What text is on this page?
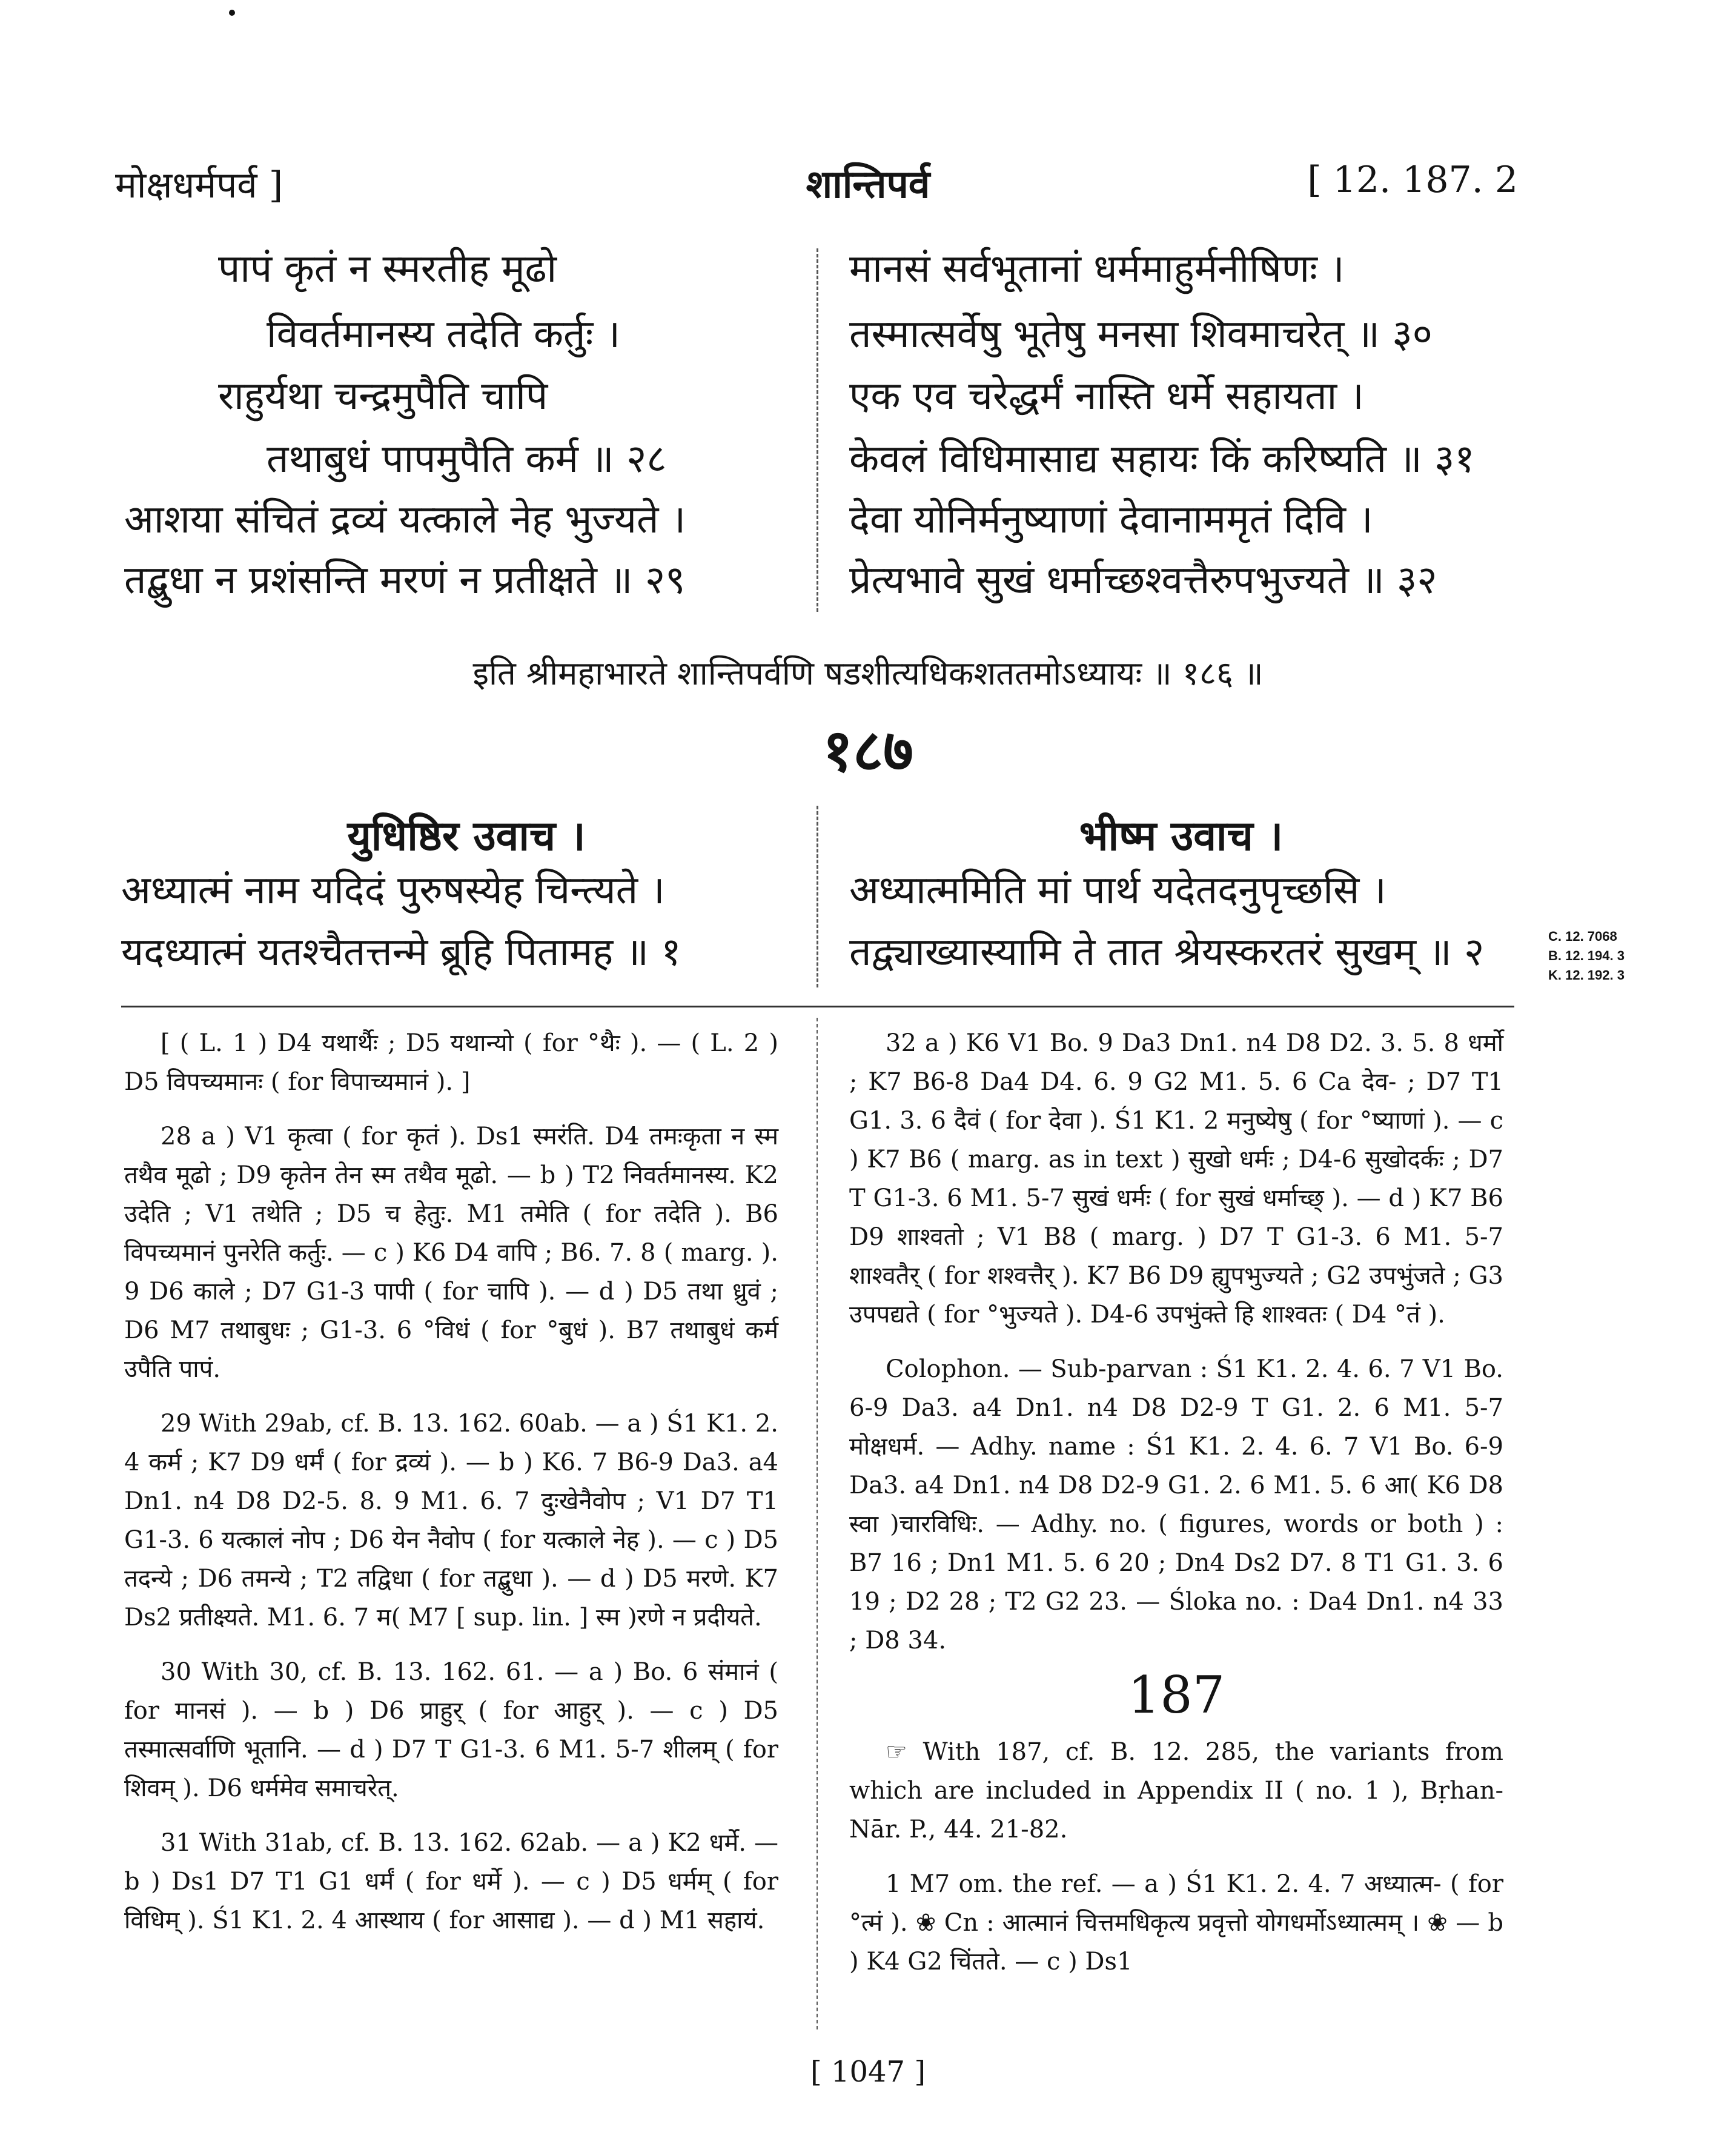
मोक्षधर्मपर्व ]	शान्तिपर्व	[ 12. 187. 2
पापं कृतं न स्मरतीह मूढो
विवर्तमानस्य तदेति कर्तुः ।
राहुर्यथा चन्द्रमुपैति चापि
तथाबुधं पापमुपैति कर्म ॥ २८
आशया संचितं द्रव्यं यत्काले नेह भुज्यते ।
तद्बुधा न प्रशंसन्ति मरणं न प्रतीक्षते ॥ २९
मानसं सर्वभूतानां धर्ममाहुर्मनीषिणः ।
तस्मात्सर्वेषु भूतेषु मनसा शिवमाचरेत् ॥ ३०
एक एव चरेद्धर्मं नास्ति धर्मे सहायता ।
केवलं विधिमासाद्य सहायः किं करिष्यति ॥ ३१
देवा योनिर्मनुष्याणां देवानाममृतं दिवि ।
प्रेत्यभावे सुखं धर्माच्छश्वत्तैरुपभुज्यते ॥ ३२
इति श्रीमहाभारते शान्तिपर्वणि षडशीत्यधिकशततमोऽध्यायः ॥ १८६ ॥
१८७
युधिष्ठिर उवाच ।
अध्यात्मं नाम यदिदं पुरुषस्येह चिन्त्यते ।
यदध्यात्मं यतश्चैतत्तन्मे ब्रूहि पितामह ॥ १
भीष्म उवाच ।
अध्यात्ममिति मां पार्थ यदेतदनुपृच्छसि ।
तद्व्याख्यास्यामि ते तात श्रेयस्करतरं सुखम् ॥ २	C. 12. 7068
B. 12. 194. 3
K. 12. 192. 3

[ ( L. 1 ) D4 यथार्थैः ; D5 यथान्यो ( for °थैः ). — ( L. 2 ) D5 विपच्यमानः ( for विपाच्यमानं ). ]

28 a ) V1 कृत्वा ( for कृतं ). Ds1 स्मरंति. D4 तमःकृता न स्म तथैव मूढो ; D9 कृतेन तेन स्म तथैव मूढो. — b ) T2 निवर्तमानस्य. K2 उदेति ; V1 तथेति ; D5 च हेतुः. M1 तमेति ( for तदेति ). B6 विपच्यमानं पुनरेति कर्तुः. — c ) K6 D4 वापि ; B6. 7. 8 ( marg. ). 9 D6 काले ; D7 G1-3 पापी ( for चापि ). — d ) D5 तथा ध्रुवं ; D6 M7 तथाबुधः ; G1-3. 6 °विधं ( for °बुधं ). B7 तथाबुधं कर्म उपैति पापं.

29 With 29ab, cf. B. 13. 162. 60ab. — a ) Ś1 K1. 2. 4 कर्म ; K7 D9 धर्मं ( for द्रव्यं ). — b ) K6. 7 B6-9 Da3. a4 Dn1. n4 D8 D2-5. 8. 9 M1. 6. 7 दुःखेनैवोप ; V1 D7 T1 G1-3. 6 यत्कालं नोप ; D6 येन नैवोप ( for यत्काले नेह ). — c ) D5 तदन्ये ; D6 तमन्ये ; T2 तद्विधा ( for तद्बुधा ). — d ) D5 मरणे. K7 Ds2 प्रतीक्ष्यते. M1. 6. 7 म( M7 [ sup. lin. ] स्म )रणे न प्रदीयते.

30 With 30, cf. B. 13. 162. 61. — a ) Bo. 6 संमानं ( for मानसं ). — b ) D6 प्राहुर् ( for आहुर् ). — c ) D5 तस्मात्सर्वाणि भूतानि. — d ) D7 T G1-3. 6 M1. 5-7 शीलम् ( for शिवम् ). D6 धर्ममेव समाचरेत्.

31 With 31ab, cf. B. 13. 162. 62ab. — a ) K2 धर्मे. — b ) Ds1 D7 T1 G1 धर्मं ( for धर्मे ). — c ) D5 धर्मम् ( for विधिम् ). Ś1 K1. 2. 4 आस्थाय ( for आसाद्य ). — d ) M1 सहायं.

32 a ) K6 V1 Bo. 9 Da3 Dn1. n4 D8 D2. 3. 5. 8 धर्मो ; K7 B6-8 Da4 D4. 6. 9 G2 M1. 5. 6 Ca देव- ; D7 T1 G1. 3. 6 दैवं ( for देवा ). Ś1 K1. 2 मनुष्येषु ( for °ष्याणां ). — c ) K7 B6 ( marg. as in text ) सुखो धर्मः ; D4-6 सुखोदर्कः ; D7 T G1-3. 6 M1. 5-7 सुखं धर्मः ( for सुखं धर्माच्छ् ). — d ) K7 B6 D9 शाश्वतो ; V1 B8 ( marg. ) D7 T G1-3. 6 M1. 5-7 शाश्वतैर् ( for शश्वत्तैर् ). K7 B6 D9 ह्युपभुज्यते ; G2 उपभुंजते ; G3 उपपद्यते ( for °भुज्यते ). D4-6 उपभुंक्ते हि शाश्वतः ( D4 °तं ).

Colophon. — Sub-parvan : Ś1 K1. 2. 4. 6. 7 V1 Bo. 6-9 Da3. a4 Dn1. n4 D8 D2-9 T G1. 2. 6 M1. 5-7 मोक्षधर्म. — Adhy. name : Ś1 K1. 2. 4. 6. 7 V1 Bo. 6-9 Da3. a4 Dn1. n4 D8 D2-9 G1. 2. 6 M1. 5. 6 आ( K6 D8 स्वा )चारविधिः. — Adhy. no. ( figures, words or both ) : B7 16 ; Dn1 M1. 5. 6 20 ; Dn4 Ds2 D7. 8 T1 G1. 3. 6 19 ; D2 28 ; T2 G2 23. — Śloka no. : Da4 Dn1. n4 33 ; D8 34.

187

☞ With 187, cf. B. 12. 285, the variants from which are included in Appendix II ( no. 1 ), Bṛhan-Nār. P., 44. 21-82.

1 M7 om. the ref. — a ) Ś1 K1. 2. 4. 7 अध्यात्म- ( for °त्मं ). ❀ Cn : आत्मानं चित्तमधिकृत्य प्रवृत्तो योगधर्मोऽध्यात्मम् । ❀ — b ) K4 G2 चिंतते. — c ) Ds1

[ 1047 ]
